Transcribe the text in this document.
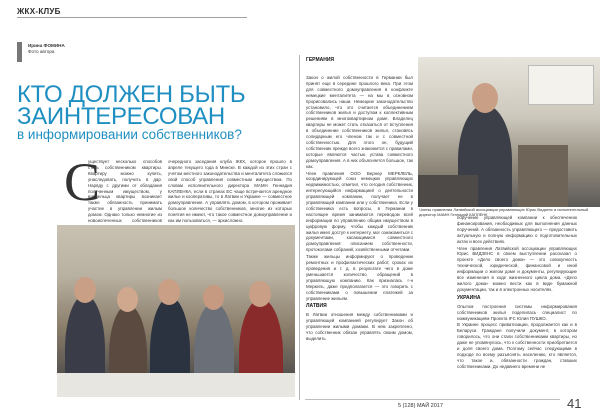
ЖКХ-КЛУБ
Ирина ФОМИНА
Фото автора
КТО ДОЛЖЕН БЫТЬ
ЗАИНТЕРЕСОВАН
в информировании собственников?
С

уществует несколько способов стать собственником квартиры. Квартиру можно купить, унаследовать, получить в дар. Наряду с другими от обладания полученным имуществом, у владельца квартиры возникает также обязанность принимать участие в управлении жилым домом. Однако только немногие из новоиспеченных собственников

очередного заседания клуба ЖКХ, которое прошло в апреле текущего года в Минске. В каждой из этих стран с учетом местного законодательства и менталитета сложился свой способ управления совместным имуществом. По словам исполнительного директора МАМН Геннадия КАПЛЕНКА, если в странах ЕС чаще встречается арендное жилье и кооперативы, то в Латвии и Украине — совместное домоуправление. А управлять домом, в котором проживает большое количество собственников, многие из которых понятия не имеют, что такое совместное домоуправление и как им пользоваться, — архисложно.

ГЕРМАНИЯ

Закон о жилой собственности в Германии был принят еще в середине прошлого века. При этом для совместного домоуправления в конфликте немецкие менталитета — на мы в основном прорисовались наши. Немецкие законодательство установило, что это считается объединением собственников жилья и доступом к коллективным решениям в многоквартирном доме. Владелец квартиры не может стать отказаться от вступления в объединение собственников жилья, становясь солидарным его членом так и с совместной собственностью. Для этого он, будущий собственник прежде всего знакомится с правилами, которые являются частью устава совместного домоуправления. А в них объясняется большое, так как.

Член правления ООО Вернер МЕРКЛЕЛЬ, координирующей союз немецких управляющих недвижимостью, отметил, что сегодня собственник, интересующийся информацией о деятельности управляющей компании, получает ее в управляющей компании или у собственника. Если у собственника есть вопросы, в Германии в настоящее время занимаются переводом всей информации по управлению общим имуществом в цифровую форму, чтобы каждый собственник жилья имел доступ к интернету, мог ознакомиться с документами, касающимися совместного домоуправления: описанием собственности, протоколами собраний, хозяйственными отчетами.

Также жильцы информируют о проведении ремонтных и профилактических работ, сроках их проведения и т. д. в результате чего в доме уменьшается количество обращений в управляющую компанию. Как призналась г-н Меркель, даже предполагается — это говорить с собственниками о повышении платежей за управление жильем.

ЛАТВИЯ

В Латвии отношения между собственниками и управляющей компанией регулирует Закон об управлении жилыми домами. В нем закреплено, что собственник обязан управлять своим домом, выделить

Члены правления Латвийской ассоциации управляющих Юрис Видзенс и исполнительный директор МАМН Геннадий КАПЛЕНК

поручение управляющей компании к обеспечению финансирования, необходимых для выполнения данных поручений. А обязанность управляющего — предоставить актуальную и полную информацию о подготовительных актах и всех действиях.

Член правления Латвийской ассоциации управляющих Юрис ВИДЗЕНС в своем выступлении рассказал о проекте «Дело своего дома» — это совокупность технической, юридической, финансовой и иной информации о жилом доме и документы, регулирующие все изменения в ходе жизненного цикла дома. «Дело жилого дома» можно вести как в виде бумажной документации, так и в электронных носителях.

УКРАИНА

Опытом построения системы информирования собственников жилья поделилась специалист по коммуникациям Проекта IFC Юлия ПУШКО.

В Украине процесс приватизации, продолжается как и в Беларуси. Граждане получили документ, в котором говорилось, что они стали собственниками квартиры, но даже не упомянулось, что к собственности приобретается и доля своего дома. Поэтому сейчас следующими в подходе по всему разъяснять населению, кто является, что такое и, обязанности граждан, ставших собственниками. До недавнего времени не

5 (128) МАЙ 2017	41
